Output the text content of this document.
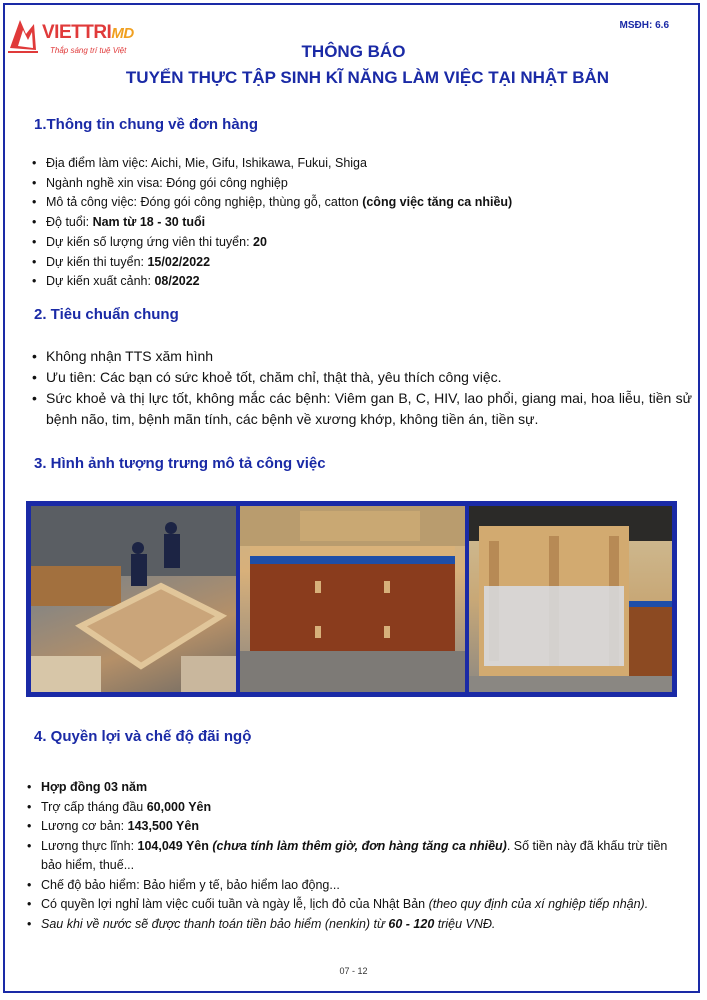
VIETTRIMD
Thắp sáng trí tuệ Việt
MSĐH: 6.6
THÔNG BÁO
TUYỂN THỰC TẬP SINH KĨ NĂNG LÀM VIỆC TẠI NHẬT BẢN
1.Thông tin chung về đơn hàng
• Địa điểm làm việc: Aichi, Mie, Gifu, Ishikawa, Fukui, Shiga
• Ngành nghề xin visa: Đóng gói công nghiệp
• Mô tả công việc: Đóng gói công nghiệp, thùng gỗ, catton (công việc tăng ca nhiều)
• Độ tuổi: Nam từ 18 - 30 tuổi
• Dự kiến số lượng ứng viên thi tuyển: 20
• Dự kiến thi tuyển: 15/02/2022
• Dự kiến xuất cảnh: 08/2022
2. Tiêu chuẩn chung
• Không nhận TTS xăm hình
• Ưu tiên: Các bạn có sức khoẻ tốt, chăm chỉ, thật thà, yêu thích công việc.
• Sức khoẻ và thị lực tốt, không mắc các bệnh: Viêm gan B, C, HIV, lao phổi, giang mai, hoa liễu, tiền sử bệnh não, tim, bệnh mãn tính, các bệnh về xương khớp, không tiền án, tiền sự.
3. Hình ảnh tượng trưng mô tả công việc
4. Quyền lợi và chế độ đãi ngộ
• Hợp đồng 03 năm
• Trợ cấp tháng đầu 60,000 Yên
• Lương cơ bản: 143,500 Yên
• Lương thực lĩnh: 104,049 Yên (chưa tính làm thêm giờ, đơn hàng tăng ca nhiều). Số tiền này đã khấu trừ tiền bảo hiểm, thuế...
• Chế độ bảo hiểm: Bảo hiểm y tế, bảo hiểm lao động...
• Có quyền lợi nghỉ làm việc cuối tuần và ngày lễ, lịch đỏ của Nhật Bản (theo quy định của xí nghiệp tiếp nhận).
• Sau khi về nước sẽ được thanh toán tiền bảo hiểm (nenkin) từ 60 - 120 triệu VNĐ.
07 - 12
